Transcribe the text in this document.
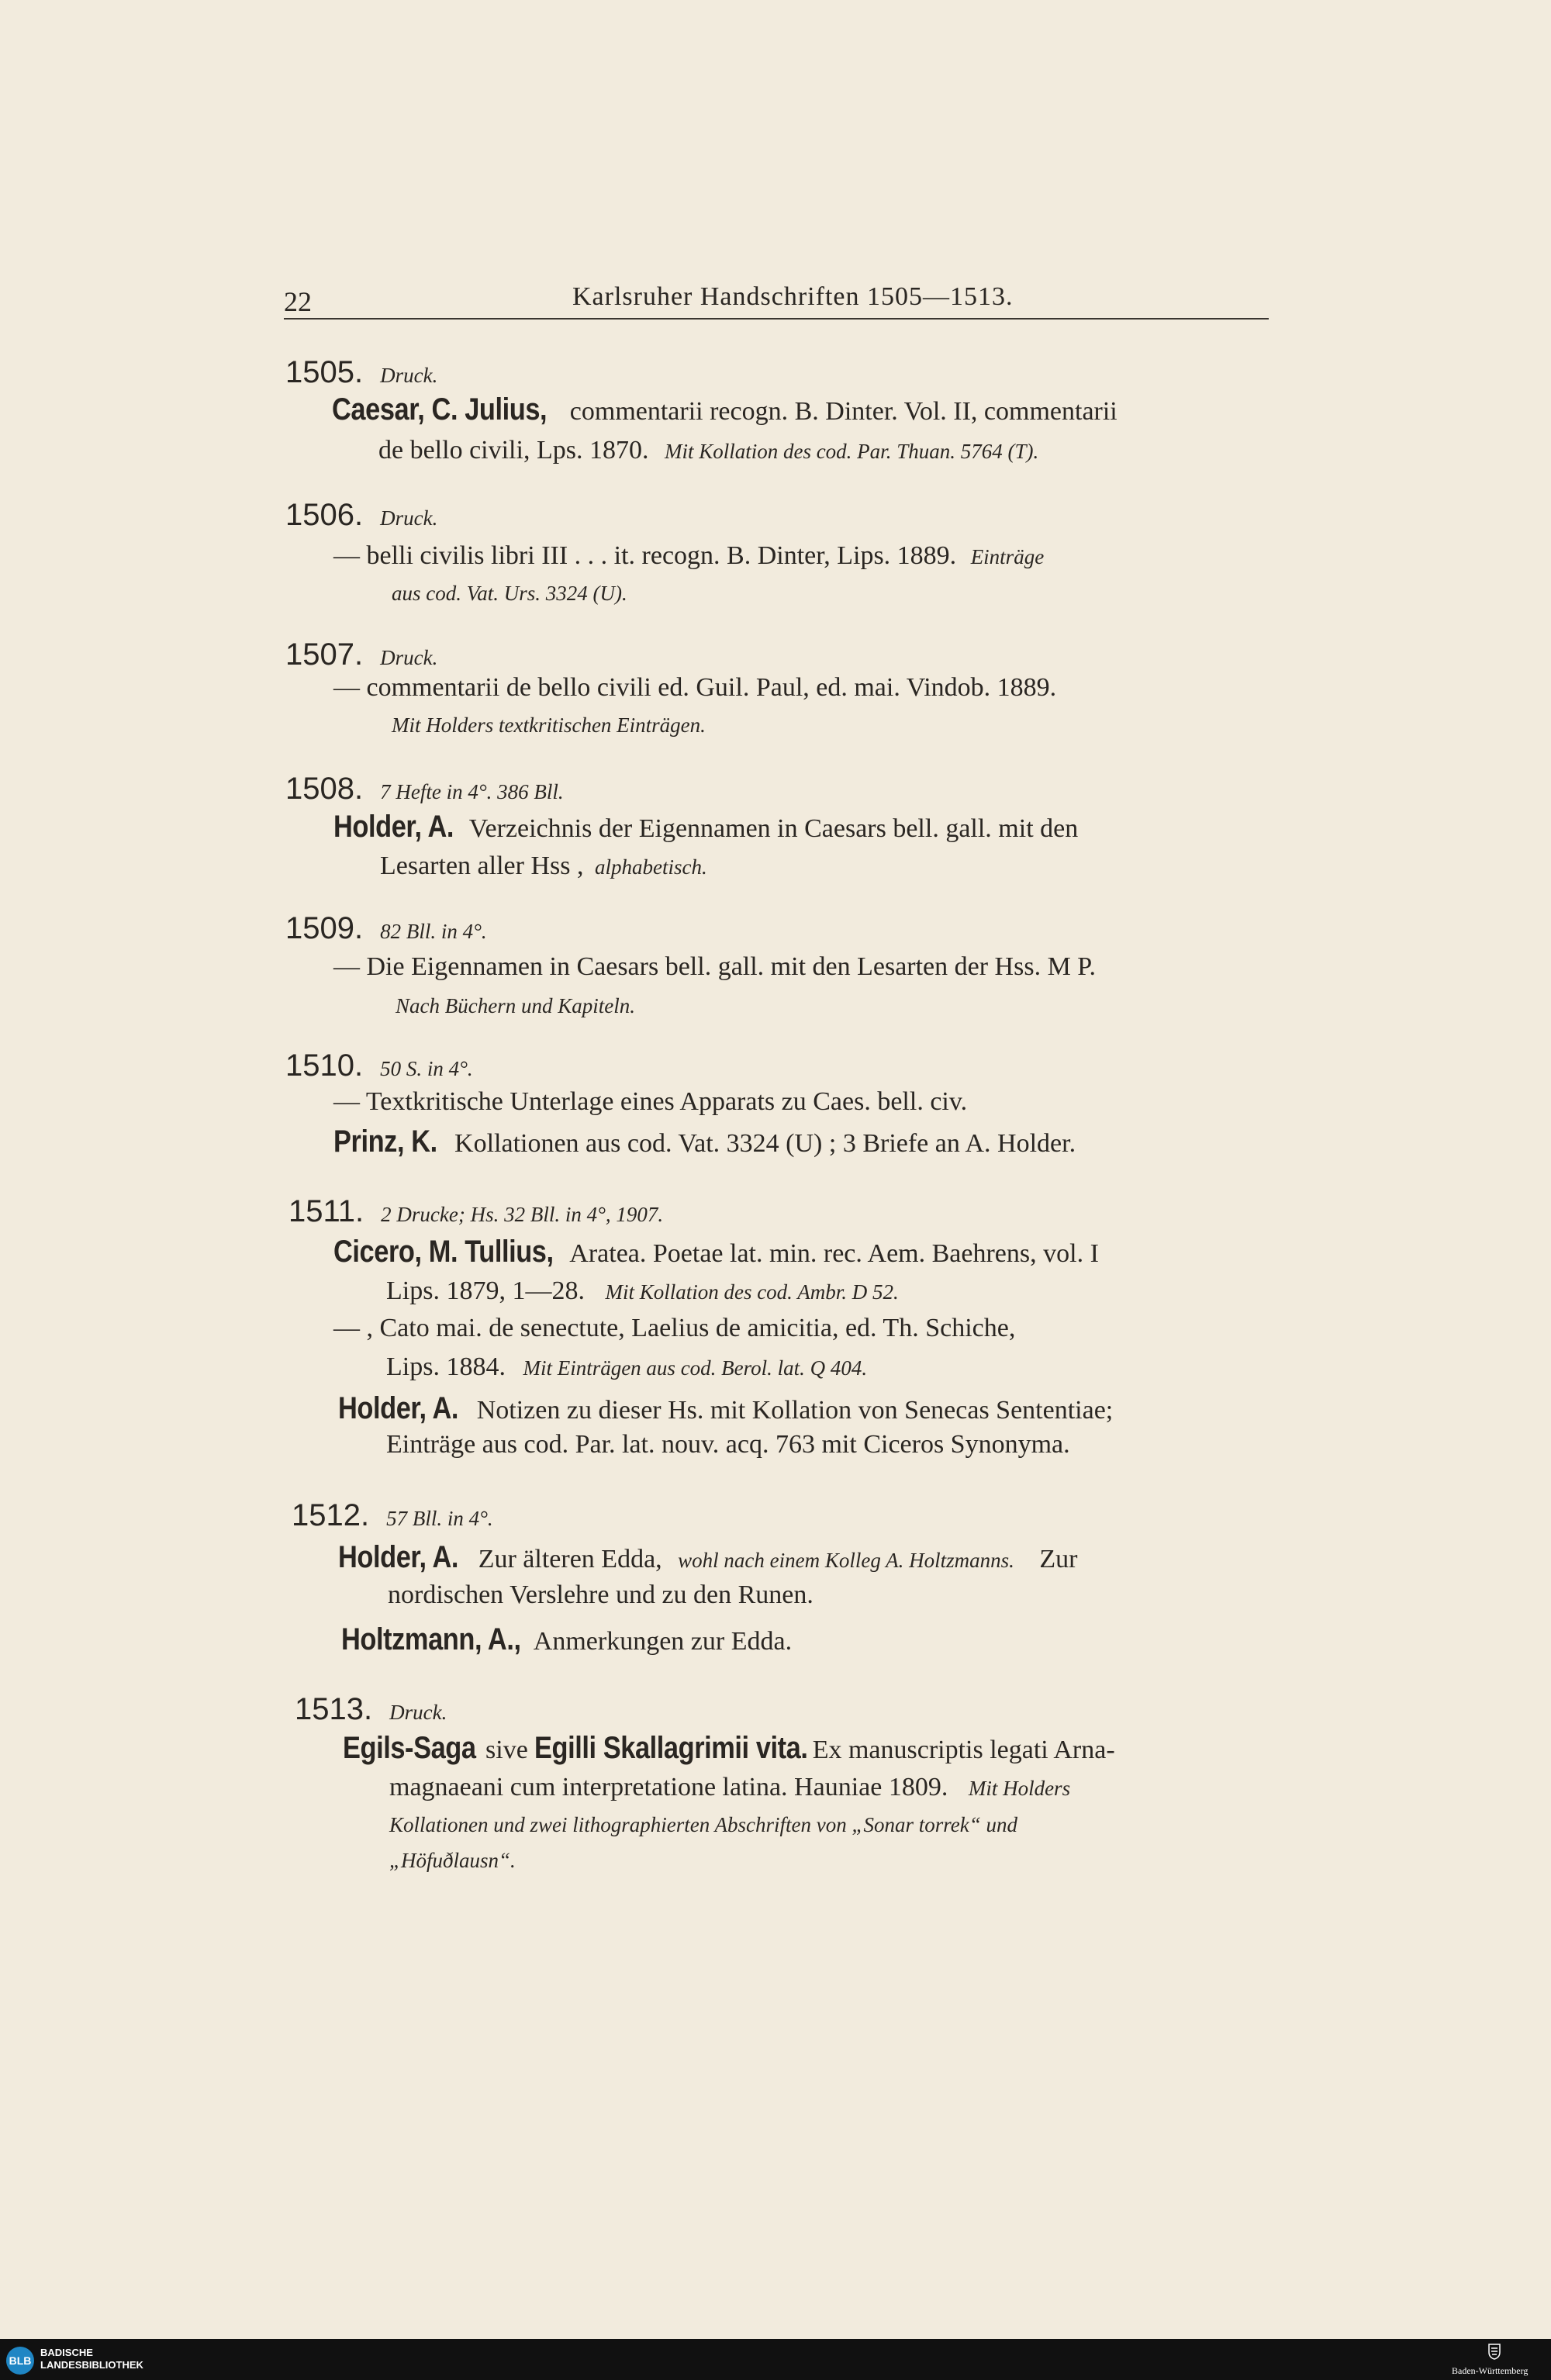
22	Karlsruher Handschriften 1505—1513.
1505. Druck.
Caesar, C. Julius, commentarii recogn. B. Dinter. Vol. II, commentarii
de bello civili, Lps. 1870. Mit Kollation des cod. Par. Thuan. 5764 (T).
1506. Druck.
— belli civilis libri III . . . it. recogn. B. Dinter, Lips. 1889. Einträge
aus cod. Vat. Urs. 3324 (U).
1507. Druck.
— commentarii de bello civili ed. Guil. Paul, ed. mai. Vindob. 1889.
Mit Holders textkritischen Einträgen.
1508. 7 Hefte in 4°. 386 Bll.
Holder, A. Verzeichnis der Eigennamen in Caesars bell. gall. mit den
Lesarten aller Hss , alphabetisch.
1509. 82 Bll. in 4°.
— Die Eigennamen in Caesars bell. gall. mit den Lesarten der Hss. M P.
Nach Büchern und Kapiteln.
1510. 50 S. in 4°.
— Textkritische Unterlage eines Apparats zu Caes. bell. civ.
Prinz, K. Kollationen aus cod. Vat. 3324 (U) ; 3 Briefe an A. Holder.
1511. 2 Drucke; Hs. 32 Bll. in 4°, 1907.
Cicero, M. Tullius, Aratea. Poetae lat. min. rec. Aem. Baehrens, vol. I
Lips. 1879, 1—28. Mit Kollation des cod. Ambr. D 52.
— , Cato mai. de senectute, Laelius de amicitia, ed. Th. Schiche,
Lips. 1884. Mit Einträgen aus cod. Berol. lat. Q 404.
Holder, A. Notizen zu dieser Hs. mit Kollation von Senecas Sententiae;
Einträge aus cod. Par. lat. nouv. acq. 763 mit Ciceros Synonyma.
1512. 57 Bll. in 4°.
Holder, A. Zur älteren Edda, wohl nach einem Kolleg A. Holtzmanns. Zur
nordischen Verslehre und zu den Runen.
Holtzmann, A., Anmerkungen zur Edda.
1513. Druck.
Egils-Saga sive Egilli Skallagrimii vita. Ex manuscriptis legati Arna-
magnaeani cum interpretatione latina. Hauniae 1809. Mit Holders
Kollationen und zwei lithographierten Abschriften von „Sonar torrek“ und
„Höfuðlausn“.
BLB
BADISCHE
LANDESBIBLIOTHEK	Baden-Württemberg
